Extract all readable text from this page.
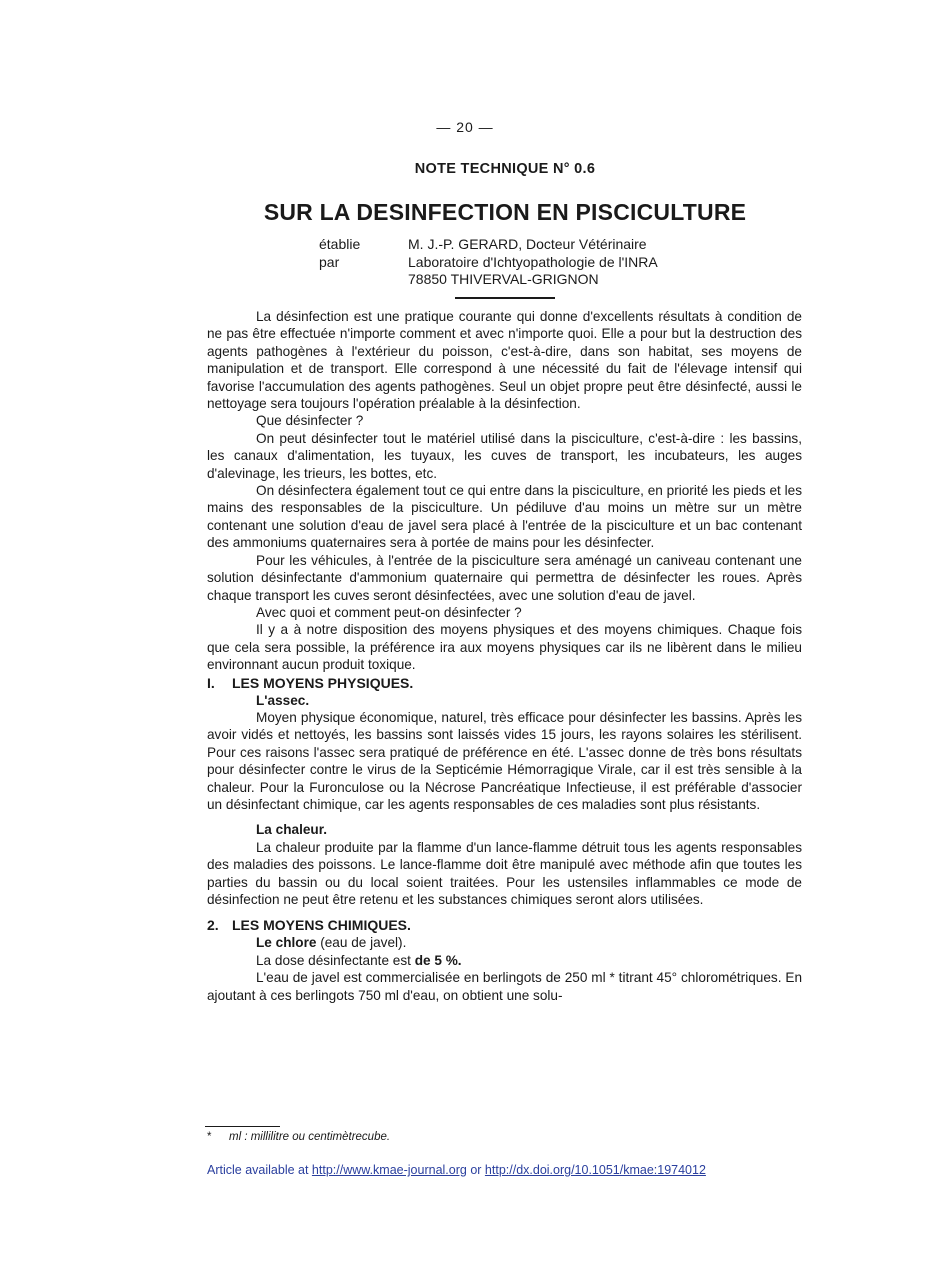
— 20 —
NOTE TECHNIQUE N° 0.6
SUR LA DESINFECTION EN PISCICULTURE
établie par
M. J.-P. GERARD, Docteur Vétérinaire
Laboratoire d'Ichtyopathologie de l'INRA
78850 THIVERVAL-GRIGNON

La désinfection est une pratique courante qui donne d'excellents résultats à condition de ne pas être effectuée n'importe comment et avec n'importe quoi. Elle a pour but la destruction des agents pathogènes à l'extérieur du poisson, c'est-à-dire, dans son habitat, ses moyens de manipulation et de transport. Elle correspond à une nécessité du fait de l'élevage intensif qui favorise l'accumulation des agents pathogènes. Seul un objet propre peut être désinfecté, aussi le nettoyage sera toujours l'opération préalable à la désinfection.

Que désinfecter ?

On peut désinfecter tout le matériel utilisé dans la pisciculture, c'est-à-dire : les bassins, les canaux d'alimentation, les tuyaux, les cuves de transport, les incubateurs, les auges d'alevinage, les trieurs, les bottes, etc.

On désinfectera également tout ce qui entre dans la pisciculture, en priorité les pieds et les mains des responsables de la pisciculture. Un pédiluve d'au moins un mètre sur un mètre contenant une solution d'eau de javel sera placé à l'entrée de la pisciculture et un bac contenant des ammoniums quaternaires sera à portée de mains pour les désinfecter.

Pour les véhicules, à l'entrée de la pisciculture sera aménagé un caniveau contenant une solution désinfectante d'ammonium quaternaire qui permettra de désinfecter les roues. Après chaque transport les cuves seront désinfectées, avec une solution d'eau de javel.

Avec quoi et comment peut-on désinfecter ?

Il y a à notre disposition des moyens physiques et des moyens chimiques. Chaque fois que cela sera possible, la préférence ira aux moyens physiques car ils ne libèrent dans le milieu environnant aucun produit toxique.

I. LES MOYENS PHYSIQUES.
L'assec.

Moyen physique économique, naturel, très efficace pour désinfecter les bassins. Après les avoir vidés et nettoyés, les bassins sont laissés vides 15 jours, les rayons solaires les stérilisent. Pour ces raisons l'assec sera pratiqué de préférence en été. L'assec donne de très bons résultats pour désinfecter contre le virus de la Septicémie Hémorragique Virale, car il est très sensible à la chaleur. Pour la Furonculose ou la Nécrose Pancréatique Infectieuse, il est préférable d'associer un désinfectant chimique, car les agents responsables de ces maladies sont plus résistants.

La chaleur.

La chaleur produite par la flamme d'un lance-flamme détruit tous les agents responsables des maladies des poissons. Le lance-flamme doit être manipulé avec méthode afin que toutes les parties du bassin ou du local soient traitées. Pour les ustensiles inflammables ce mode de désinfection ne peut être retenu et les substances chimiques seront alors utilisées.

2. LES MOYENS CHIMIQUES.

Le chlore (eau de javel).

La dose désinfectante est de 5 %.

L'eau de javel est commercialisée en berlingots de 250 ml * titrant 45° chlorométriques. En ajoutant à ces berlingots 750 ml d'eau, on obtient une solu-

* ml : millilitre ou centimètrecube.
Article available at http://www.kmae-journal.org or http://dx.doi.org/10.1051/kmae:1974012
